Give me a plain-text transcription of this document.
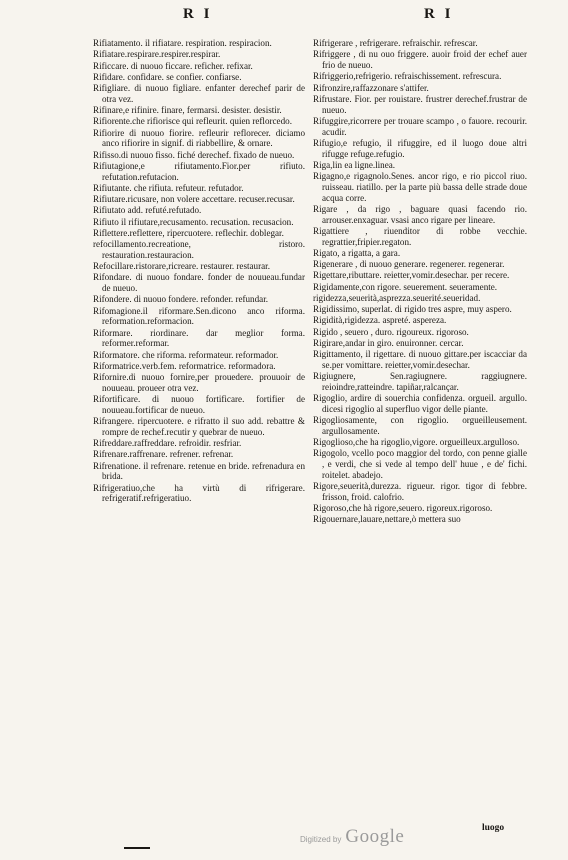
R I	R I

Rifiatamento. il rifiatare. respiration. respiracion.

Rifiatare.respirare.respirer.respirar.

Rificcare. di nuouo ficcare. reficher. refixar.

Rifidare. confidare. se confier. confiarse.

Rifigliare. di nuouo figliare. enfanter derechef parir de otra vez.

Rifinare,e rifinire. finare, fermarsi. desister. desistir.

Rifiorente.che rifiorisce qui refleurit. quien reflorcedo.

Rifiorire di nuouo fiorire. refleurir reflorecer. diciamo anco rifiorire in signif. di riabbellire, & ornare.

Rifisso.di nuouo fisso. fiché derechef. fixado de nueuo.

Rifiutagione,e rifiutamento.Fior.per rifiuto. refutation.refutacion.

Rifiutante. che rifiuta. refuteur. refutador.

Rifiutare.ricusare, non volere accettare. recuser.recusar.

Rifiutato add. refuté.refutado.

Rifiuto il rifiutare,recusamento. recusation. recusacion.

Riflettere.reflettere, ripercuotere. reflechir. doblegar.

refocillamento.recreatione, ristoro. restauration.restauracion.

Refocillare.ristorare,ricreare. restaurer. restaurar.

Rifondare. di nuouo fondare. fonder de nouueau.fundar de nueuo.

Rifondere. di nuouo fondere. refonder. refundar.

Rifomagione.il riformare.Sen.dicono anco riforma. reformation.reformacion.

Riformare. riordinare. dar meglior forma. reformer.reformar.

Riformatore. che riforma. reformateur. reformador.

Riformatrice.verb.fem. reformatrice. reformadora.

Rifornire.di nuouo fornire,per prouedere. prouuoir de nouueau. proueer otra vez.

Rifortificare. di nuouo fortificare. fortifier de nouueau.fortificar de nueuo.

Rifrangere. ripercuotere. e rifratto il suo add. rebattre & rompre de rechef.recutir y quebrar de nueuo.

Rifreddare.raffreddare. refroidir. resfriar.

Rifrenare.raffrenare. refrener. refrenar.

Rifrenatione. il refrenare. retenue en bride. refrenadura en brida.

Rifrigeratiuo,che ha virtù di rifrigerare. refrigeratif.refrigeratiuo.

Rifrigerare , refrigerare. refraischir. refrescar.

Rifriggere , di nu ouo friggere. auoir froid der echef auer frio de nueuo.

Rifriggerio,refrigerio. refraischissement. refrescura.

Rifronzire,raffazzonare s'attifer.

Rifrustare. Fior. per rouistare. frustrer derechef.frustrar de nueuo.

Rifuggire,ricorrere per trouare scampo , o fauore. recourir. acudir.

Rifugio,e refugio, il rifuggire, ed il luogo doue altri rifugge refuge.refugio.

Riga,lin ea ligne.linea.

Rigagno,e rigagnolo.Senes. ancor rigo, e rio piccol riuo. ruisseau. riatillo. per la parte più bassa delle strade doue acqua corre.

Rigare , da rigo , baguare quasi facendo rio. arrouser.enxaguar. vsasi anco rigare per lineare.

Rigattiere , riuenditor di robbe vecchie. regrattier,fripier.regaton.

Rigato, a rigatta, a gara.

Rigenerare , di nuouo generare. regenerer. regenerar.

Rigettare,ributtare. reietter,vomir.desechar. per recere.

Rigidamente,con rigore. seuerement. seueramente.

rigidezza,seuerità,asprezza.seuerité.seueridad.

Rigidissimo, superlat. di rigido tres aspre, muy aspero.

Rigidità,rigidezza. aspreté. aspereza.

Rigido , seuero , duro. rigoureux. rigoroso.

Rigirare,andar in giro. enuironner. cercar.

Rigittamento, il rigettare. di nuouo gittare.per iscacciar da se.per vomittare. reietter,vomir.desechar.

Rigiugnere, Sen.ragiugnere. raggiugnere. reioindre,ratteindre. tapiñar,ralcançar.

Rigoglio, ardire di souerchia confidenza. orgueil. argullo. dicesi rigoglio al superfluo vigor delle piante.

Rigogliosamente, con rigoglio. orgueilleusement. argullosamente.

Rigoglioso,che ha rigoglio,vigore. orgueilleux.argulloso.

Rigogolo, vcello poco maggior del tordo, con penne gialle , e verdi, che si vede al tempo dell' huue , e de' fichi. roitelet. abadejo.

Rigore,seuerità,durezza. rigueur. rigor. tigor di febbre. frisson, froid. calofrio.

Rigoroso,che hà rigore,seuero. rigoreux.rigoroso.

Rigouernare,lauare,nettare,ò mettera suo

luogo
Digitized by Google
